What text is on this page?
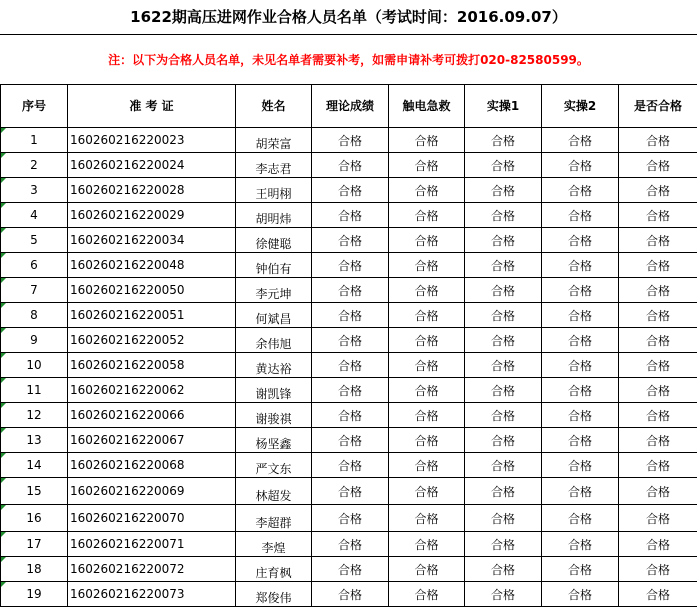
1622期高压进网作业合格人员名单（考试时间：2016.09.07）
注：以下为合格人员名单，未见名单者需要补考，如需申请补考可拨打020-82580599。
序号	准 考 证	姓名	理论成绩	触电急救	实操1	实操2	是否合格
1	160260216220023	胡荣富	合格	合格	合格	合格	合格
2	160260216220024	李志君	合格	合格	合格	合格	合格
3	160260216220028	王明栩	合格	合格	合格	合格	合格
4	160260216220029	胡明炜	合格	合格	合格	合格	合格
5	160260216220034	徐健聪	合格	合格	合格	合格	合格
6	160260216220048	钟伯有	合格	合格	合格	合格	合格
7	160260216220050	李元坤	合格	合格	合格	合格	合格
8	160260216220051	何斌昌	合格	合格	合格	合格	合格
9	160260216220052	余伟旭	合格	合格	合格	合格	合格
10	160260216220058	黄达裕	合格	合格	合格	合格	合格
11	160260216220062	谢凯锋	合格	合格	合格	合格	合格
12	160260216220066	谢骏祺	合格	合格	合格	合格	合格
13	160260216220067	杨坚鑫	合格	合格	合格	合格	合格
14	160260216220068	严文东	合格	合格	合格	合格	合格
15	160260216220069	林超发	合格	合格	合格	合格	合格
16	160260216220070	李超群	合格	合格	合格	合格	合格
17	160260216220071	李煌	合格	合格	合格	合格	合格
18	160260216220072	庄育枫	合格	合格	合格	合格	合格
19	160260216220073	郑俊伟	合格	合格	合格	合格	合格
